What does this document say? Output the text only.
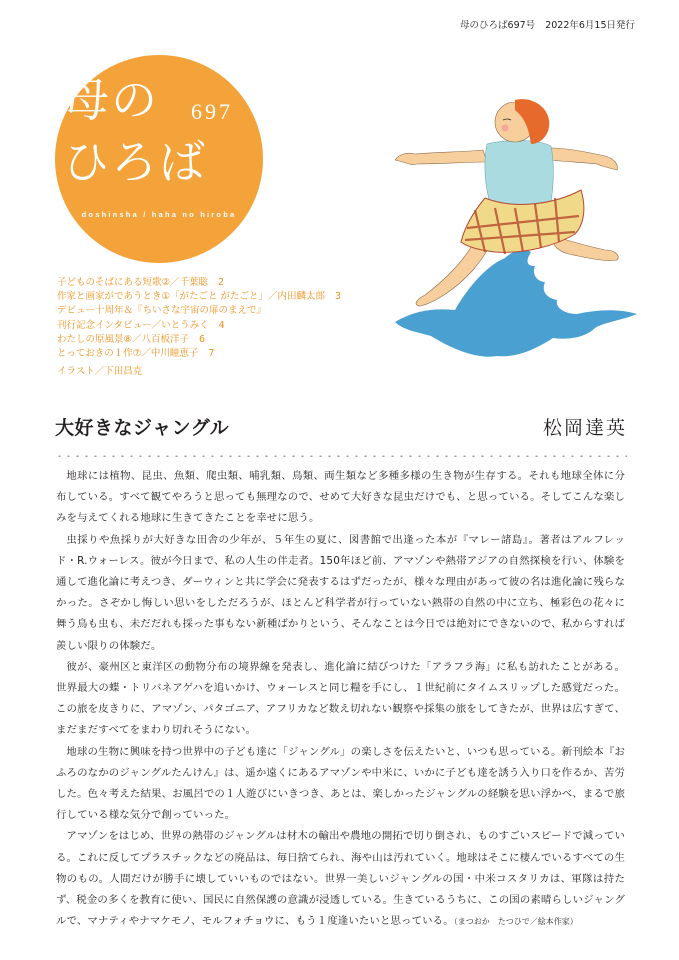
母のひろば697号 2022年6月15日発行
母の 697
ひろば
doshinsha / haha no hiroba
子どものそばにある短歌②／千葉聡 2
作家と画家がであうとき①「がたごと がたごと」／内田麟太郎 3
デビュー十周年＆『ちいさな宇宙の扉のまえで』
刊行記念インタビュー／いとうみく 4
わたしの原風景⑧／八百板洋子 6
とっておきの１作⑦／中川瞳恵子 7
イラスト／下田昌克
大好きなジャングル	松岡達英

地球には植物、昆虫、魚類、爬虫類、哺乳類、鳥類、両生類など多種多様の生き物が生存する。それも地球全体に分布している。すべて観てやろうと思っても無理なので、せめて大好きな昆虫だけでも、と思っている。そしてこんな楽しみを与えてくれる地球に生きてきたことを幸せに思う。

虫採りや魚採りが大好きな田舎の少年が、５年生の夏に、図書館で出逢った本が『マレー諸島』。著者はアルフレッド・R.ウォーレス。彼が今日まで、私の人生の伴走者。150年ほど前、アマゾンや熱帯アジアの自然探検を行い、体験を通して進化論に考えつき、ダーウィンと共に学会に発表するはずだったが、様々な理由があって彼の名は進化論に残らなかった。さぞかし悔しい思いをしただろうが、ほとんど科学者が行っていない熱帯の自然の中に立ち、極彩色の花々に舞う鳥も虫も、未だだれも採った事もない新種ばかりという、そんなことは今日では絶対にできないので、私からすれば羨しい限りの体験だ。

彼が、豪州区と東洋区の動物分布の境界線を発表し、進化論に結びつけた「アラフラ海」に私も訪れたことがある。世界最大の蝶・トリバネアゲハを追いかけ、ウォーレスと同じ糧を手にし、１世紀前にタイムスリップした感覚だった。この旅を皮きりに、アマゾン、パタゴニア、アフリカなど数え切れない観察や採集の旅をしてきたが、世界は広すぎて、まだまだすべてをまわり切れそうにない。

地球の生物に興味を持つ世界中の子ども達に「ジャングル」の楽しさを伝えたいと、いつも思っている。新刊絵本『おふろのなかのジャングルたんけん』は、遥か遠くにあるアマゾンや中米に、いかに子ども達を誘う入り口を作るか、苦労した。色々考えた結果、お風呂での１人遊びにいきつき、あとは、楽しかったジャングルの経験を思い浮かべ、まるで旅行している様な気分で創っていった。

アマゾンをはじめ、世界の熱帯のジャングルは材木の輸出や農地の開拓で切り倒され、ものすごいスピードで減っている。これに反してプラスチックなどの廃品は、毎日捨てられ、海や山は汚れていく。地球はそこに棲んでいるすべての生物のもの。人間だけが勝手に壊していいものではない。世界一美しいジャングルの国・中米コスタリカは、軍隊は持たず、税金の多くを教育に使い、国民に自然保護の意識が浸透している。生きているうちに、この国の素晴らしいジャングルで、マナティやナマケモノ、モルフォチョウに、もう１度逢いたいと思っている。（まつおか　たつひで／絵本作家）
